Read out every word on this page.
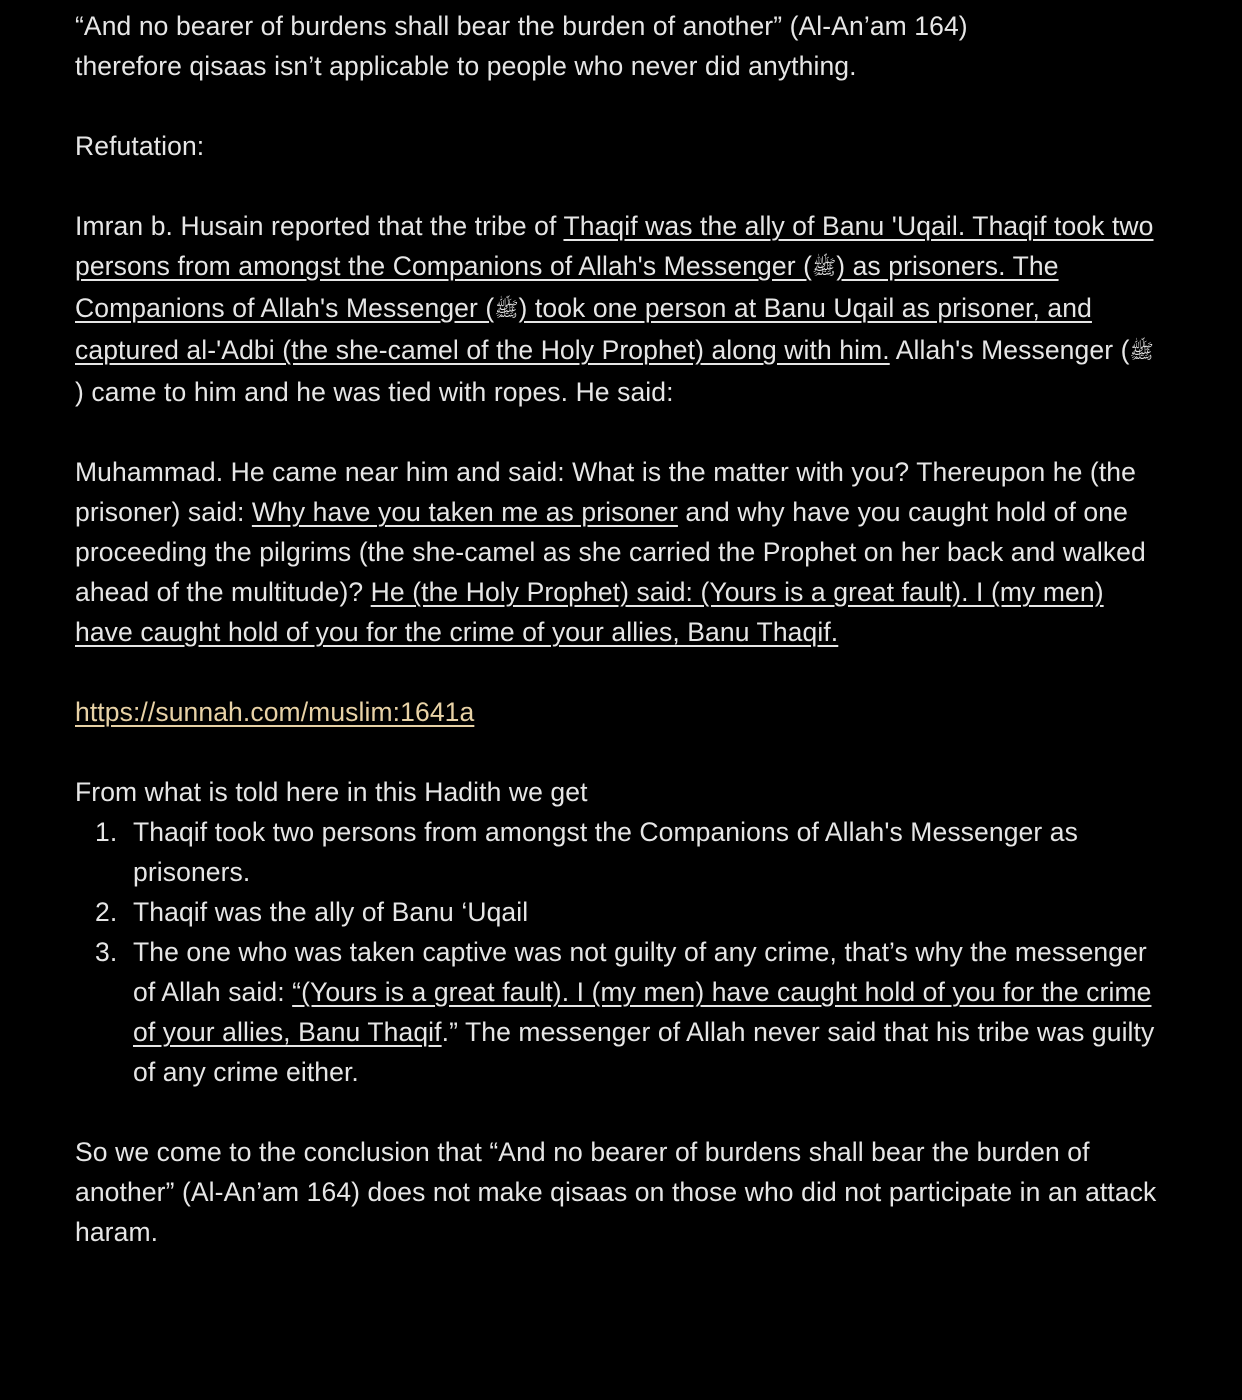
“And no bearer of burdens shall bear the burden of another” (Al-An’am 164)
therefore qisaas isn’t applicable to people who never did anything.

Refutation:

Imran b. Husain reported that the tribe of Thaqif was the ally of Banu 'Uqail. Thaqif took two persons from amongst the Companions of Allah's Messenger (ﷺ) as prisoners. The Companions of Allah's Messenger (ﷺ) took one person at Banu Uqail as prisoner, and captured al-'Adbi (the she-camel of the Holy Prophet) along with him. Allah's Messenger (ﷺ) came to him and he was tied with ropes. He said:

Muhammad. He came near him and said: What is the matter with you? Thereupon he (the prisoner) said: Why have you taken me as prisoner and why have you caught hold of one proceeding the pilgrims (the she-camel as she carried the Prophet on her back and walked ahead of the multitude)? He (the Holy Prophet) said: (Yours is a great fault). I (my men) have caught hold of you for the crime of your allies, Banu Thaqif.

https://sunnah.com/muslim:1641a

From what is told here in this Hadith we get

1. Thaqif took two persons from amongst the Companions of Allah's Messenger as prisoners.
2. Thaqif was the ally of Banu ‘Uqail
3. The one who was taken captive was not guilty of any crime, that’s why the messenger of Allah said: “(Yours is a great fault). I (my men) have caught hold of you for the crime of your allies, Banu Thaqif.” The messenger of Allah never said that his tribe was guilty of any crime either.

So we come to the conclusion that “And no bearer of burdens shall bear the burden of another” (Al-An’am 164) does not make qisaas on those who did not participate in an attack haram.
